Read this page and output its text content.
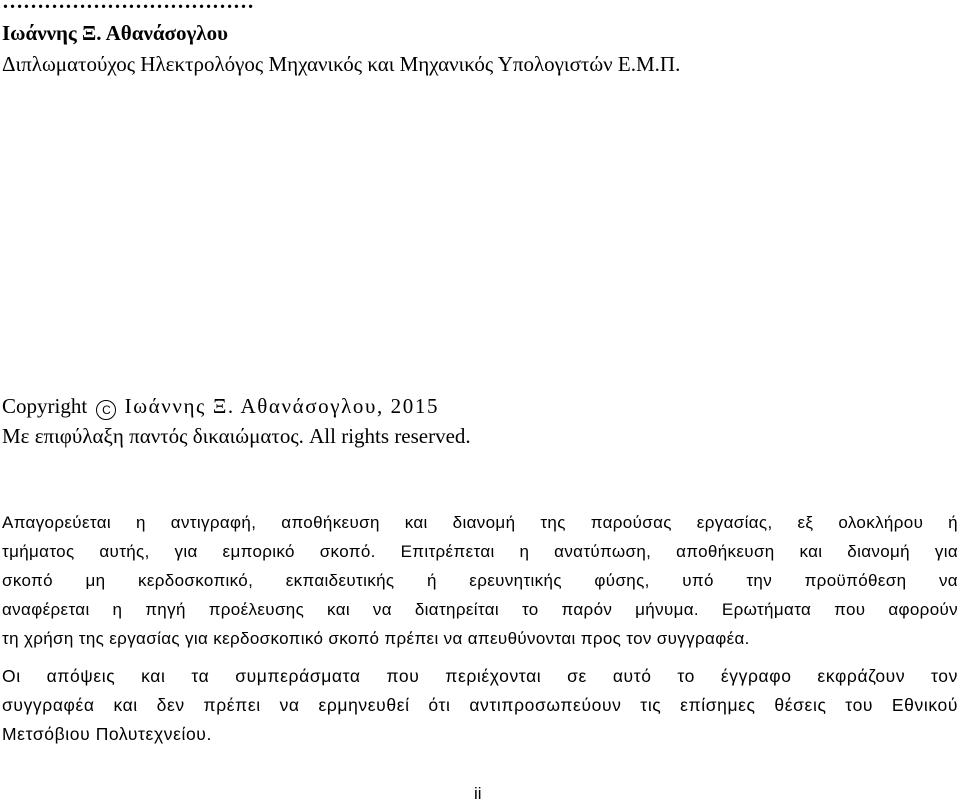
………………………………
Ιωάννης Ξ. Αθανάσογλου
Διπλωματούχος Ηλεκτρολόγος Μηχανικός και Μηχανικός Υπολογιστών Ε.Μ.Π.
Copyright C Ιωάννης Ξ. Αθανάσογλου, 2015
Με επιφύλαξη παντός δικαιώματος. All rights reserved.
Απαγορεύεται η αντιγραφή, αποθήκευση και διανομή της παρούσας εργασίας, εξ ολοκλήρου ή
τμήματος αυτής, για εμπορικό σκοπό. Επιτρέπεται η ανατύπωση, αποθήκευση και διανομή για
σκοπό μη κερδοσκοπικό, εκπαιδευτικής ή ερευνητικής φύσης, υπό την προϋπόθεση να
αναφέρεται η πηγή προέλευσης και να διατηρείται το παρόν μήνυμα. Ερωτήματα που αφορούν
τη χρήση της εργασίας για κερδοσκοπικό σκοπό πρέπει να απευθύνονται προς τον συγγραφέα.
Οι απόψεις και τα συμπεράσματα που περιέχονται σε αυτό το έγγραφο εκφράζουν τον
συγγραφέα και δεν πρέπει να ερμηνευθεί ότι αντιπροσωπεύουν τις επίσημες θέσεις του Εθνικού
Μετσόβιου Πολυτεχνείου.
ii
